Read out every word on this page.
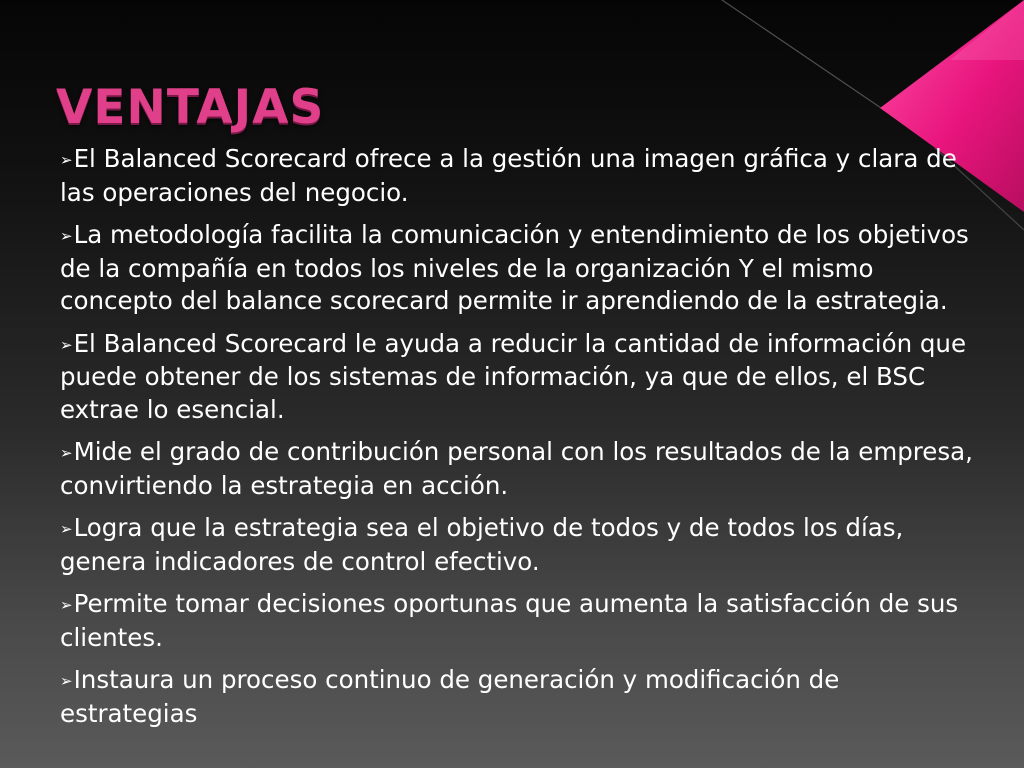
VENTAJAS
➢El Balanced Scorecard ofrece a la gestión una imagen gráfica y clara de las operaciones del negocio.
➢La metodología facilita la comunicación y entendimiento de los objetivos de la compañía en todos los niveles de la organización Y el mismo concepto del balance scorecard permite ir aprendiendo de la estrategia.
➢El Balanced Scorecard le ayuda a reducir la cantidad de información que puede obtener de los sistemas de información, ya que de ellos, el BSC extrae lo esencial.
➢Mide el grado de contribución personal con los resultados de la empresa, convirtiendo la estrategia en acción.
➢Logra que la estrategia sea el objetivo de todos y de todos los días, genera indicadores de control efectivo.
➢Permite tomar decisiones oportunas que aumenta la satisfacción de sus clientes.
➢Instaura un proceso continuo de generación y modificación de estrategias
